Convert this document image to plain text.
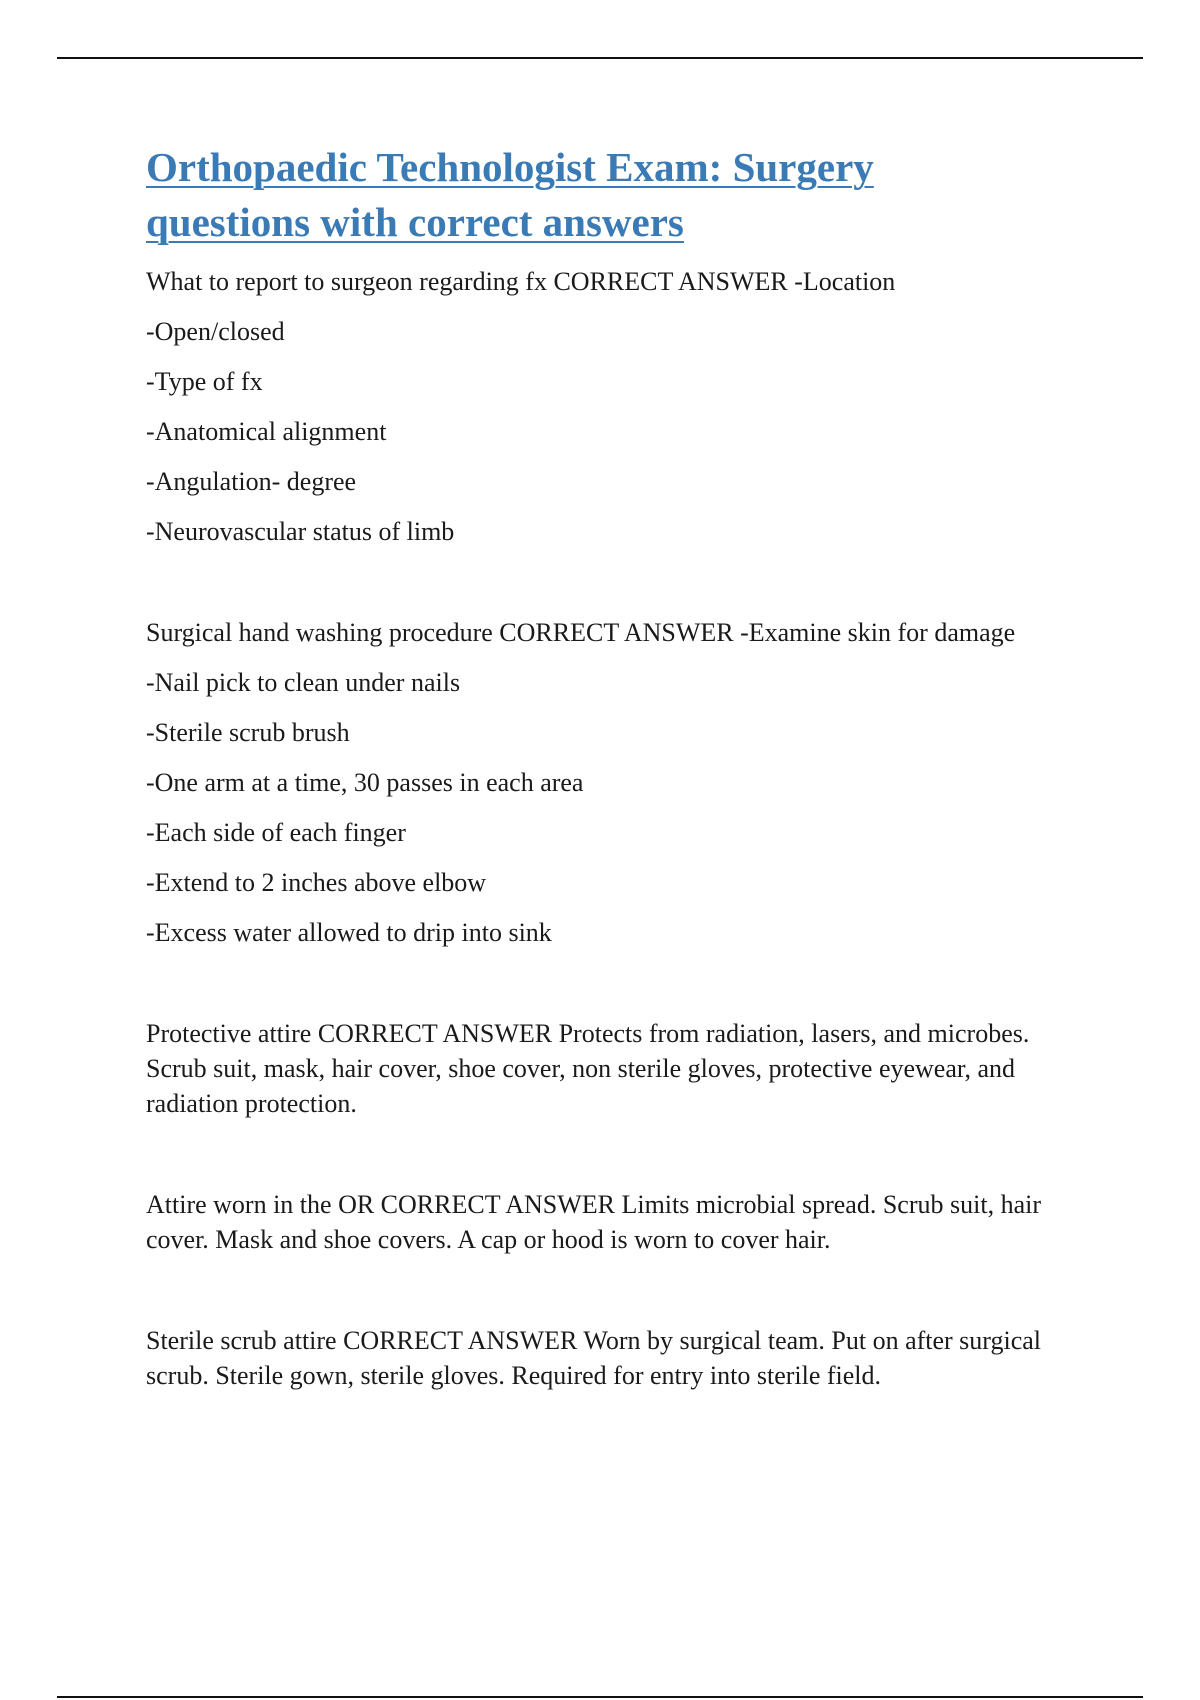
Orthopaedic Technologist Exam: Surgery questions with correct answers

What to report to surgeon regarding fx CORRECT ANSWER -Location

-Open/closed

-Type of fx

-Anatomical alignment

-Angulation- degree

-Neurovascular status of limb

Surgical hand washing procedure CORRECT ANSWER -Examine skin for damage

-Nail pick to clean under nails

-Sterile scrub brush

-One arm at a time, 30 passes in each area

-Each side of each finger

-Extend to 2 inches above elbow

-Excess water allowed to drip into sink

Protective attire CORRECT ANSWER Protects from radiation, lasers, and microbes. Scrub suit, mask, hair cover, shoe cover, non sterile gloves, protective eyewear, and radiation protection.

Attire worn in the OR CORRECT ANSWER Limits microbial spread. Scrub suit, hair cover. Mask and shoe covers. A cap or hood is worn to cover hair.

Sterile scrub attire CORRECT ANSWER Worn by surgical team. Put on after surgical scrub. Sterile gown, sterile gloves. Required for entry into sterile field.
